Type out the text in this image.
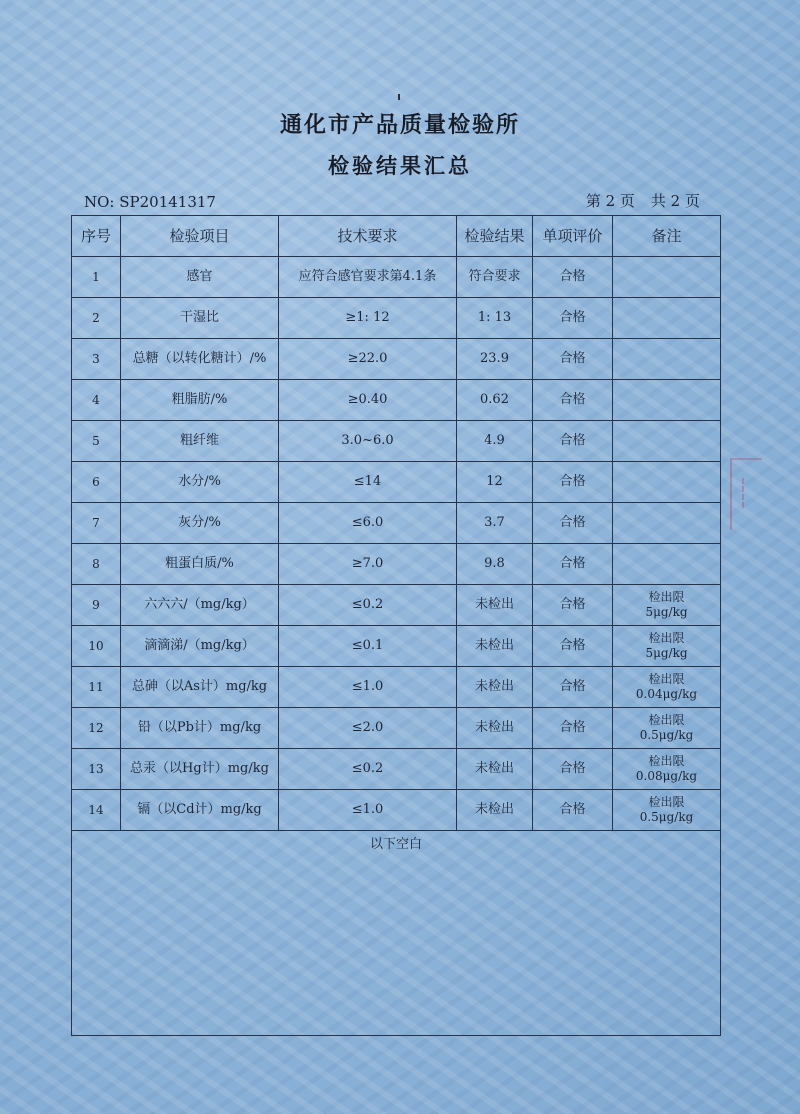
通化市产品质量检验所
检验结果汇总
NO: SP20141317	第 2 页 共 2 页
序号	检验项目	技术要求	检验结果	单项评价	备注
1	感官	应符合感官要求第4.1条	符合要求	合格	

2	干湿比	≥1: 12	1: 13	合格	

3	总糖（以转化糖计）/%	≥22.0	23.9	合格	

4	粗脂肪/%	≥0.40	0.62	合格	

5	粗纤维	3.0~6.0	4.9	合格	

6	水分/%	≤14	12	合格	

7	灰分/%	≤6.0	3.7	合格	

8	粗蛋白质/%	≥7.0	9.8	合格	

9	六六六/（mg/kg）	≤0.2	未检出	合格	检出限
5μg/kg

10	滴滴涕/（mg/kg）	≤0.1	未检出	合格	检出限
5μg/kg

11	总砷（以As计）mg/kg	≤1.0	未检出	合格	检出限
0.04μg/kg

12	铅（以Pb计）mg/kg	≤2.0	未检出	合格	检出限
0.5μg/kg

13	总汞（以Hg计）mg/kg	≤0.2	未检出	合格	检出限
0.08μg/kg

14	镉（以Cd计）mg/kg	≤1.0	未检出	合格	检出限
0.5μg/kg

以下空白					
